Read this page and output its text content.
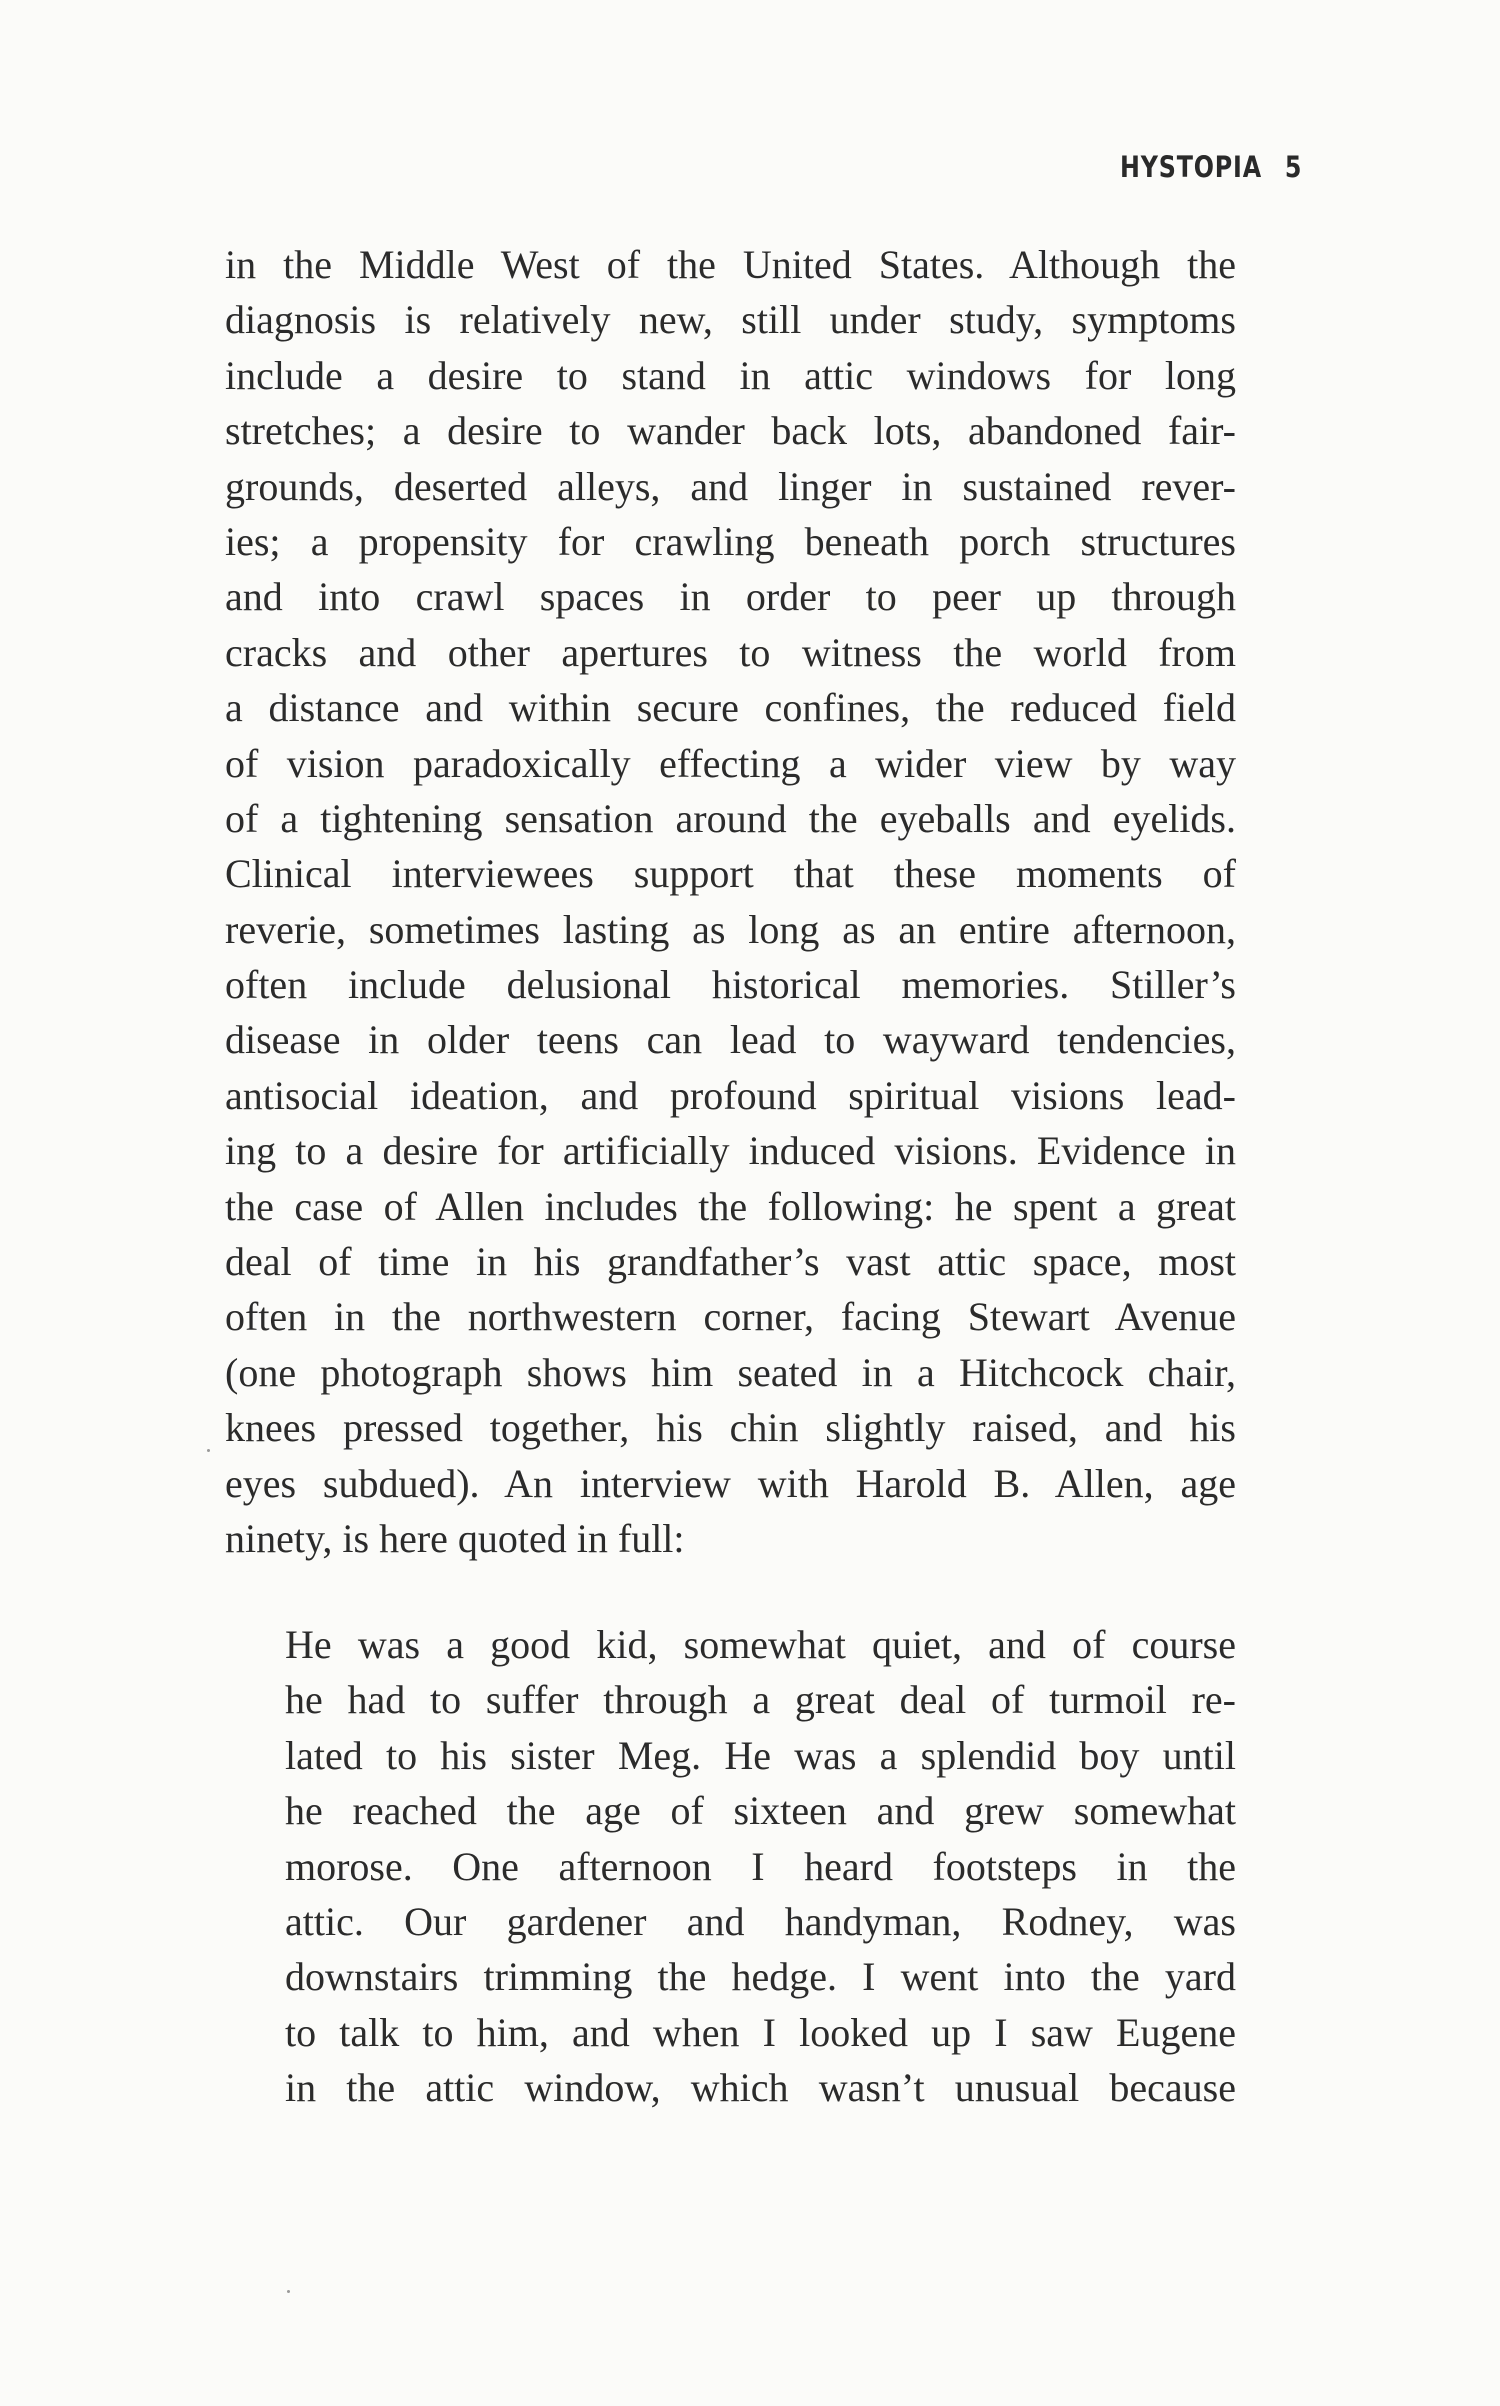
HYSTOPIA 5
in the Middle West of the United States. Although the
diagnosis is relatively new, still under study, symptoms
include a desire to stand in attic windows for long
stretches; a desire to wander back lots, abandoned fair-
grounds, deserted alleys, and linger in sustained rever-
ies; a propensity for crawling beneath porch structures
and into crawl spaces in order to peer up through
cracks and other apertures to witness the world from
a distance and within secure confines, the reduced field
of vision paradoxically effecting a wider view by way
of a tightening sensation around the eyeballs and eyelids.
Clinical interviewees support that these moments of
reverie, sometimes lasting as long as an entire afternoon,
often include delusional historical memories. Stiller’s
disease in older teens can lead to wayward tendencies,
antisocial ideation, and profound spiritual visions lead-
ing to a desire for artificially induced visions. Evidence in
the case of Allen includes the following: he spent a great
deal of time in his grandfather’s vast attic space, most
often in the northwestern corner, facing Stewart Avenue
(one photograph shows him seated in a Hitchcock chair,
knees pressed together, his chin slightly raised, and his
eyes subdued). An interview with Harold B. Allen, age
ninety, is here quoted in full:
He was a good kid, somewhat quiet, and of course
he had to suffer through a great deal of turmoil re-
lated to his sister Meg. He was a splendid boy until
he reached the age of sixteen and grew somewhat
morose. One afternoon I heard footsteps in the
attic. Our gardener and handyman, Rodney, was
downstairs trimming the hedge. I went into the yard
to talk to him, and when I looked up I saw Eugene
in the attic window, which wasn’t unusual because
